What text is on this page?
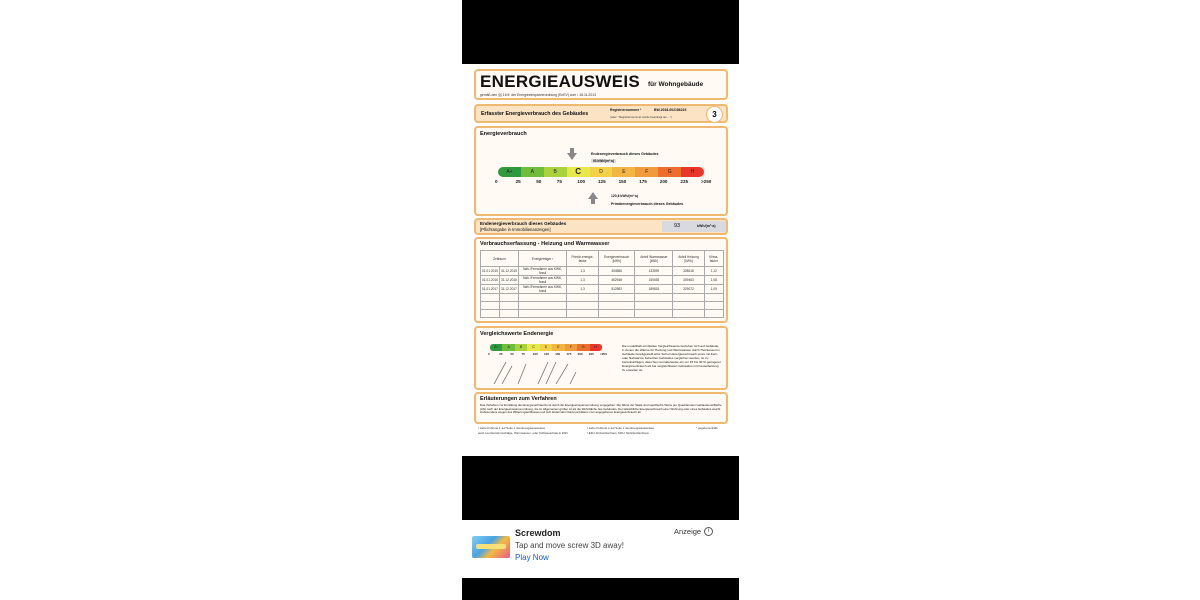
ENERGIEAUSWEIS für Wohngebäude
gemäß den §§ 16 ff. der Energieeinsparverordnung (EnEV) vom ¹ 18.11.2013
Erfasster Energieverbrauch des Gebäudes
Registriernummer ²	BW-2018-002186215
(oder: "Registriernummer wurde beantragt am ...")	3
Energieverbrauch
Endenergieverbrauch dieses Gebäudes
93 kWh/(m²·a)
A+	A	B	C	D	E	F	G	H
0	25	50	75	100	125	150	175	200	225	>250
120,6 kWh/(m²·a)
Primärenergieverbrauch dieses Gebäudes
Endenergieverbrauch dieses Gebäudes
[Pflichtangabe in Immobilienanzeigen]
93	kWh/(m²·a)
Verbrauchserfassung - Heizung und Warmwasser
Zeitraum		Energieträger ³	Primär-energie-faktor	Energieverbrauch [kWh]	Anteil Warmwasser [kWh]	Anteil Heizung [kWh]	Klima-faktor
01.01.2015	31.12.2015	Nah-/Fernwärme aus KWK, fossil	1,3	454586	133099	328618	1,12
01.01.2016	31.12.2016	Nah-/Fernwärme aus KWK, fossil	1,3	462948	155035	309463	1,08
01.01.2017	31.12.2017	Nah-/Fernwärme aus KWK, fossil	1,3	512982	189815	329072	1,09

Vergleichswerte Endenergie
A+	A	B	C	D	E	F	G	H
0	25	50	75	100 125 150 175 200 225 >250
Die modellhaft ermittelten Vergleichswerte beziehen sich auf Gebäude, in denen die Wärme für Heizung und Warmwasser durch Heizkessel im Gebäude bereitgestellt wird. Soll ein Energieverbrauch eines mit Fern- oder Nahwärme beheizten Gebäudes verglichen werden, ist zu berücksichtigen, dass hier normalerweise ein um 15 bis 30 % geringerer Energieverbrauch als bei vergleichbaren Gebäuden mit Kesselheizung zu erwarten ist.
Erläuterungen zum Verfahren
Das Verfahren zur Ermittlung des Energieverbrauchs ist durch die Energieeinsparverordnung vorgegeben. Die Werte der Skala sind spezifische Werte pro Quadratmeter Gebäudenutzfläche (AN) nach der Energieeinsparverordnung, die im Allgemeinen größer ist als die Wohnfläche des Gebäudes. Der tatsächliche Energieverbrauch einer Wohnung oder eines Gebäudes weicht insbesondere wegen des Witterungseinflusses und sich ändernden Nutzerverhaltens vom angegebenen Energieverbrauch ab.
¹ siehe Fußnote 1 auf Seite 1 des Energieausweises
auch Leerstandszuschläge, Warmwasser- oder Kühlpauschale in kWh
² siehe Fußnote 2 auf Seite 1 des Energieausweises
³ EFH: Einfamilienhaus, MFH: Mehrfamilienhaus
⁴ gegebenenfalls
Screwdom
Tap and move screw 3D away!
Play Now
Anzeige	i
